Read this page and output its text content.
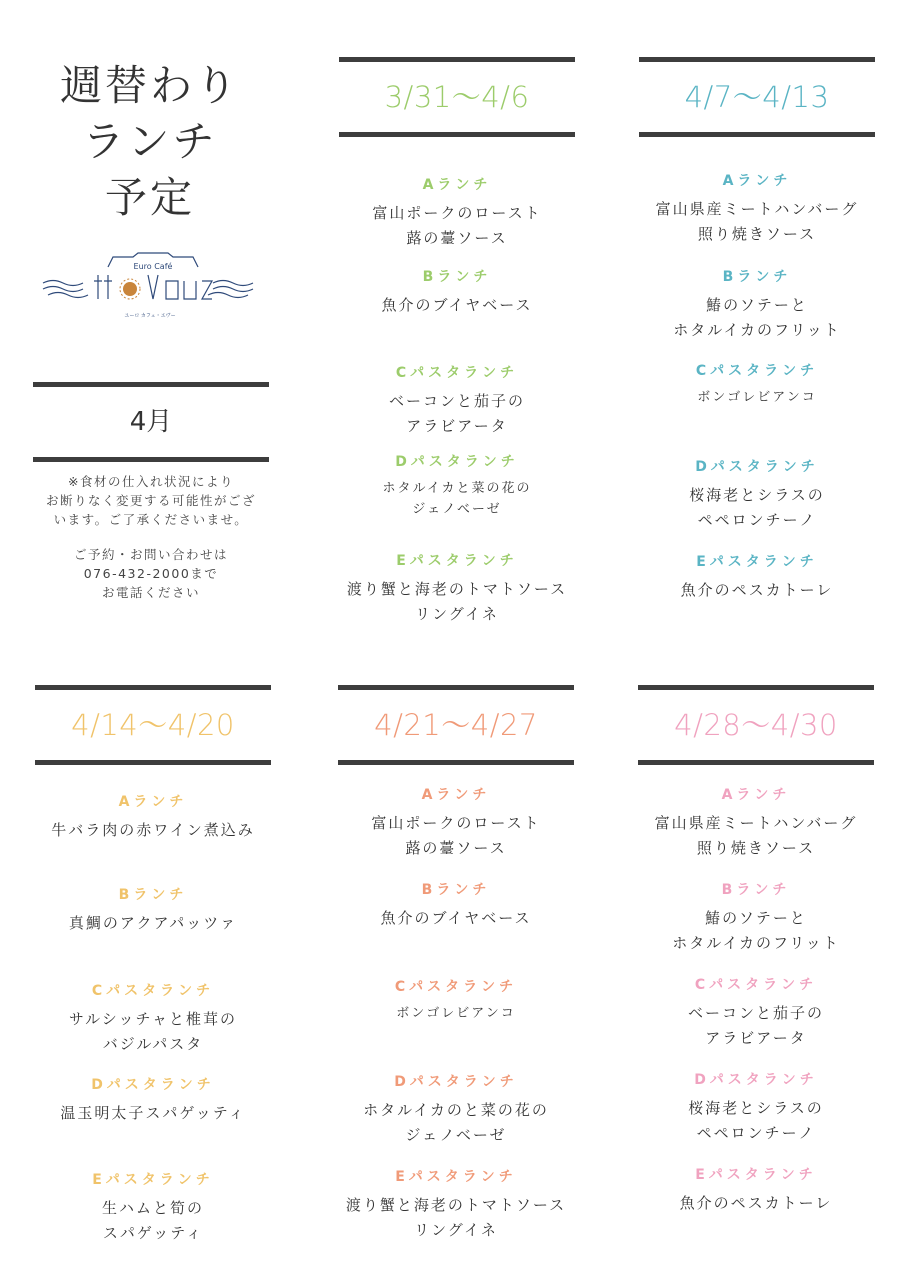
週替わり
ランチ
予定
Euro Café
ユーロ カフェ・エヴー
4月

※食材の仕入れ状況により
お断りなく変更する可能性がござ
います。ご了承くださいませ。

ご予約・お問い合わせは
076-432-2000まで
お電話ください

3/31～4/6
Aランチ
富山ポークのロースト
蕗の薹ソース
Bランチ
魚介のブイヤベース
Cパスタランチ
ベーコンと茄子の
アラビアータ
Dパスタランチ
ホタルイカと菜の花の
ジェノベーゼ
Eパスタランチ
渡り蟹と海老のトマトソース
リングイネ
4/7～4/13
Aランチ
富山県産ミートハンバーグ
照り焼きソース
Bランチ
鰆のソテーと
ホタルイカのフリット
Cパスタランチ
ボンゴレビアンコ
Dパスタランチ
桜海老とシラスの
ペペロンチーノ
Eパスタランチ
魚介のペスカトーレ
4/14～4/20
Aランチ
牛バラ肉の赤ワイン煮込み
Bランチ
真鯛のアクアパッツァ
Cパスタランチ
サルシッチャと椎茸の
バジルパスタ
Dパスタランチ
温玉明太子スパゲッティ
Eパスタランチ
生ハムと筍の
スパゲッティ
4/21～4/27
Aランチ
富山ポークのロースト
蕗の薹ソース
Bランチ
魚介のブイヤベース
Cパスタランチ
ボンゴレビアンコ
Dパスタランチ
ホタルイカのと菜の花の
ジェノベーゼ
Eパスタランチ
渡り蟹と海老のトマトソース
リングイネ
4/28～4/30
Aランチ
富山県産ミートハンバーグ
照り焼きソース
Bランチ
鰆のソテーと
ホタルイカのフリット
Cパスタランチ
ベーコンと茄子の
アラビアータ
Dパスタランチ
桜海老とシラスの
ペペロンチーノ
Eパスタランチ
魚介のペスカトーレ
